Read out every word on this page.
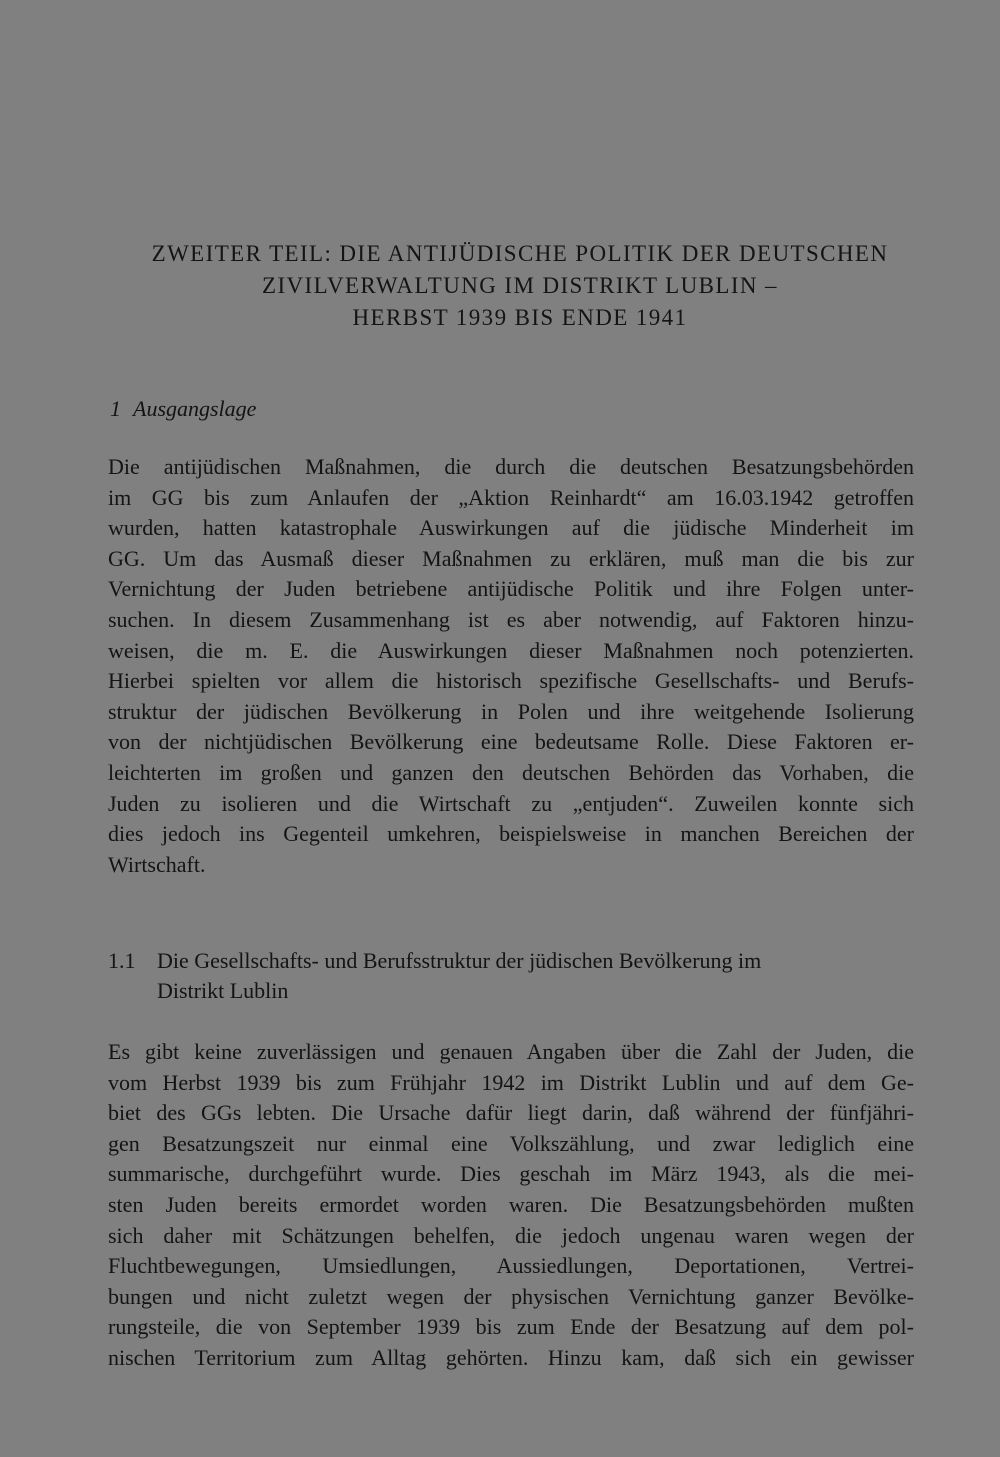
ZWEITER TEIL: DIE ANTIJÜDISCHE POLITIK DER DEUTSCHEN
ZIVILVERWALTUNG IM DISTRIKT LUBLIN –
HERBST 1939 BIS ENDE 1941
1 Ausgangslage
Die antijüdischen Maßnahmen, die durch die deutschen Besatzungsbehörden
im GG bis zum Anlaufen der „Aktion Reinhardt“ am 16.03.1942 getroffen
wurden, hatten katastrophale Auswirkungen auf die jüdische Minderheit im
GG. Um das Ausmaß dieser Maßnahmen zu erklären, muß man die bis zur
Vernichtung der Juden betriebene antijüdische Politik und ihre Folgen unter-
suchen. In diesem Zusammenhang ist es aber notwendig, auf Faktoren hinzu-
weisen, die m. E. die Auswirkungen dieser Maßnahmen noch potenzierten.
Hierbei spielten vor allem die historisch spezifische Gesellschafts- und Berufs-
struktur der jüdischen Bevölkerung in Polen und ihre weitgehende Isolierung
von der nichtjüdischen Bevölkerung eine bedeutsame Rolle. Diese Faktoren er-
leichterten im großen und ganzen den deutschen Behörden das Vorhaben, die
Juden zu isolieren und die Wirtschaft zu „entjuden“. Zuweilen konnte sich
dies jedoch ins Gegenteil umkehren, beispielsweise in manchen Bereichen der
Wirtschaft.
1.1 Die Gesellschafts- und Berufsstruktur der jüdischen Bevölkerung im
Distrikt Lublin
Es gibt keine zuverlässigen und genauen Angaben über die Zahl der Juden, die
vom Herbst 1939 bis zum Frühjahr 1942 im Distrikt Lublin und auf dem Ge-
biet des GGs lebten. Die Ursache dafür liegt darin, daß während der fünfjähri-
gen Besatzungszeit nur einmal eine Volkszählung, und zwar lediglich eine
summarische, durchgeführt wurde. Dies geschah im März 1943, als die mei-
sten Juden bereits ermordet worden waren. Die Besatzungsbehörden mußten
sich daher mit Schätzungen behelfen, die jedoch ungenau waren wegen der
Fluchtbewegungen, Umsiedlungen, Aussiedlungen, Deportationen, Vertrei-
bungen und nicht zuletzt wegen der physischen Vernichtung ganzer Bevölke-
rungsteile, die von September 1939 bis zum Ende der Besatzung auf dem pol-
nischen Territorium zum Alltag gehörten. Hinzu kam, daß sich ein gewisser
